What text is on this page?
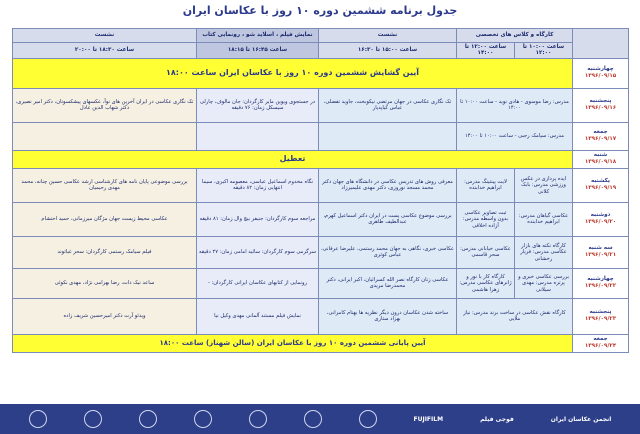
جدول برنامه ششمین دوره ۱۰ روز با عکاسان ایران
	کارگاه و کلاس های تخصصی		نشست	نمایش فیلم ، اسلاید شو ، رونمایی کتاب	نشست
	ساعت ۱۰:۰۰ تا ۱۲:۰۰	ساعت ۱۲:۰۰ تا ۱۴:۰۰	ساعت ۱۵:۰۰ تا ۱۶:۳۰	ساعت ۱۶:۴۵ تا ۱۸:۱۵	ساعت ۱۸:۳۰ تا ۲۰:۰۰

چهارشنبه
۱۳۹۶/۰۹/۱۵	آیین گشایش ششمین دوره ۱۰ روز با عکاسان ایران ساعت ۱۸:۰۰				

پنجشنبه
۱۳۹۶/۰۹/۱۶	مدرس: رضا موسوی - هادی نوید - ساعت ۱۰:۰۰ تا ۱۴:۰۰		تک نگاری عکاسی در جهان مرتضی نیکوبخت، جاوید تفضلی، عباس کیاپدیار	در جستجوی ویوین مایر کارگردان: جان مالوف، چارلی سیسکل زمان: ۷۶ دقیقه	تک نگاری عکاسی در ایران آخرین های نوآ، عکسهای پیشکسوتان، دکتر امیر نصیری، دکتر شهاب الدین عادل

جمعه
۱۳۹۶/۰۹/۱۷	مدرس: سیامک رجبی - ساعت ۱۰:۰۰ تا ۱۴:۰۰				

شنبه
۱۳۹۶/۰۹/۱۸	تعطیل				

یکشنبه
۱۳۹۶/۰۹/۱۹	ایده پردازی در عکس ورزشی مدرس: بابک کلانی	لایت پینتینگ مدرس: ابراهیم خدابنده	معرفی روش های تدریس عکاسی در دانشگاه های جهان دکتر محمد مسجد نوروزی، دکتر مهدی علیمیرزاد	نگاه مخدوم اسماعیل عباسی، معصومه اکبری، سیما انتهایی زمان: ۸۲ دقیقه	بررسی موضوعی پایان نامه های کارشناسی ارشد عکاسی حسین چنانه، محمد مهدی رحیمیان

دوشنبه
۱۳۹۶/۰۹/۲۰	عکاسی گیاهان مدرس: ابراهیم خدابنده	ثبت تصاویر عکاسی بدون واسطه مدرس: آزاده اخلاقی	بررسی موضوع عکاسی پست در ایران دکتر اسماعیل کهرم، عبدالطیف طاهری	مراجعه سوم کارگردان: جنیفر بیچ وال زمان: ۸۱ دقیقه	عکاسی محیط زیست جهان مژگان میرزمانی، حمید احتشام

سه شنبه
۱۳۹۶/۰۹/۲۱	کارگاه نکته های بازار عکاسی مدرس: فریار رخشانی	عکاسی خیابانی مدرس: سحر قاسمی	عکاسی خبری، نگاهی به جهان محمد رستمی، علیرضا عرفانی، عباس کوثری	سرگرمی سوم کارگردان: سائید امامی زمان: ۲۷ دقیقه	فیلم سیامک رستمی کارگردان: سحر غیاثوند

چهارشنبه
۱۳۹۶/۰۹/۲۲	بررسی عکاسی خبری و پرتره مدرس: مهدی سیلانی	کارگاه کار با نور و ژانرهای عکاسی مدرس: زهرا هاشمی	عکاسی زنان کارگاه نصر الله کسرائیان، اکبر ایرانی، دکتر محمدرضا مریدی	رونمایی از کتابهای عکاسان ایرانی کارگردان: -	ساعد نیک ذات، رضا بهرامی نژاد، مهدی نکوئی

پنجشنبه
۱۳۹۶/۰۹/۲۳	کارگاه نقش عکاسی در ساخت برند مدرس: نیاز ملایی		ساخته شدن عکاسان درون دیگر نظریه ها بهنام کامرانی، بهزاد ستاری	نمایش فیلم مستند آلمانی مهدی وکیل نیا	ویدئو آرت دکتر امیرحسین شریف زاده

جمعه
۱۳۹۶/۰۹/۲۴	آیین پایانی ششمین دوره ۱۰ روز با عکاسان ایران (سالن شهناز) ساعت ۱۸:۰۰				
FUJIFILM	فوجی فیلم	انجمن عکاسان ایران
